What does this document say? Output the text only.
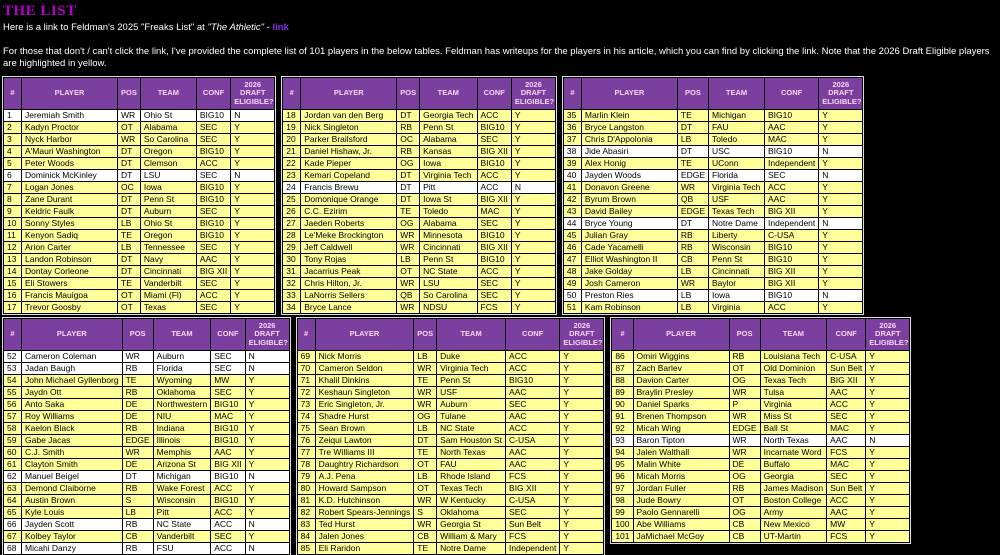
THE LIST

Here is a link to Feldman's 2025 "Freaks List" at "The Athletic" - link

For those that don't / can't click the link, I've provided the complete list of 101 players in the below tables. Feldman has writeups for the players in his article, which you can find by clicking the link. Note that the 2026 Draft Eligible players are highlighted in yellow.

#	PLAYER	POS	TEAM	CONF	2026 DRAFT ELIGIBLE?
1	Jeremiah Smith	WR	Ohio St	BIG10	N
2	Kadyn Proctor	OT	Alabama	SEC	Y
3	Nyck Harbor	WR	So Carolina	SEC	Y
4	A'Mauri Washington	DT	Oregon	BIG10	Y
5	Peter Woods	DT	Clemson	ACC	Y
6	Dominick McKinley	DT	LSU	SEC	N
7	Logan Jones	OC	Iowa	BIG10	Y
8	Zane Durant	DT	Penn St	BIG10	Y
9	Keldric Faulk	DT	Auburn	SEC	Y
10	Sonny Styles	LB	Ohio St	BIG10	Y
11	Kenyon Sadiq	TE	Oregon	BIG10	Y
12	Arion Carter	LB	Tennessee	SEC	Y
13	Landon Robinson	DT	Navy	AAC	Y
14	Dontay Corleone	DT	Cincinnati	BIG XII	Y
15	Eli Stowers	TE	Vanderbilt	SEC	Y
16	Francis Mauigoa	OT	Miami (Fl)	ACC	Y
17	Trevor Goosby	OT	Texas	SEC	Y
#	PLAYER	POS	TEAM	CONF	2026 DRAFT ELIGIBLE?
18	Jordan van den Berg	DT	Georgia Tech	ACC	Y
19	Nick Singleton	RB	Penn St	BIG10	Y
20	Parker Brailsford	OC	Alabama	SEC	Y
21	Daniel Hishaw, Jr.	RB	Kansas	BIG XII	Y
22	Kade Pieper	OG	Iowa	BIG10	Y
23	Kemari Copeland	DT	Virginia Tech	ACC	Y
24	Francis Brewu	DT	Pitt	ACC	N
25	Domonique Orange	DT	Iowa St	BIG XII	Y
26	C.C. Ezirim	TE	Toledo	MAC	Y
27	Jaeden Roberts	OG	Alabama	SEC	Y
28	Le'Meke Brockington	WR	Minnesota	BIG10	Y
29	Jeff Caldwell	WR	Cincinnati	BIG XII	Y
30	Tony Rojas	LB	Penn St	BIG10	Y
31	Jacarrius Peak	OT	NC State	ACC	Y
32	Chris Hilton, Jr.	WR	LSU	SEC	Y
33	LaNorris Sellers	QB	So Carolina	SEC	Y
34	Bryce Lance	WR	NDSU	FCS	Y
#	PLAYER	POS	TEAM	CONF	2026 DRAFT ELIGIBLE?
35	Marlin Klein	TE	Michigan	BIG10	Y
36	Bryce Langston	DT	FAU	AAC	Y
37	Chris D'Appolonia	LB	Toledo	MAC	Y
38	Jide Abasiri	DT	USC	BIG10	N
39	Alex Honig	TE	UConn	Independent	Y
40	Jayden Woods	EDGE	Florida	SEC	N
41	Donavon Greene	WR	Virginia Tech	ACC	Y
42	Byrum Brown	QB	USF	AAC	Y
43	David Bailey	EDGE	Texas Tech	BIG XII	Y
44	Bryce Young	DT	Notre Dame	Independent	N
45	Julian Gray	RB	Liberty	C-USA	Y
46	Cade Yacamelli	RB	Wisconsin	BIG10	Y
47	Elliot Washington II	CB	Penn St	BIG10	Y
48	Jake Golday	LB	Cincinnati	BIG XII	Y
49	Josh Cameron	WR	Baylor	BIG XII	Y
50	Preston Ries	LB	Iowa	BIG10	N
51	Kam Robinson	LB	Virginia	ACC	Y
#	PLAYER	POS	TEAM	CONF	2026 DRAFT ELIGIBLE?
52	Cameron Coleman	WR	Auburn	SEC	N
53	Jadan Baugh	RB	Florida	SEC	N
54	John Michael Gyllenborg	TE	Wyoming	MW	Y
55	Jaydn Ott	RB	Oklahoma	SEC	Y
56	Anto Saka	DE	Northwestern	BIG10	Y
57	Roy Williams	DE	NIU	MAC	Y
58	Kaelon Black	RB	Indiana	BIG10	Y
59	Gabe Jacas	EDGE	Illinois	BIG10	Y
60	C.J. Smith	WR	Memphis	AAC	Y
61	Clayton Smith	DE	Arizona St	BIG XII	Y
62	Manuel Beigel	DT	Michigan	BIG10	N
63	Demond Claiborne	RB	Wake Forest	ACC	Y
64	Austin Brown	S	Wisconsin	BIG10	Y
65	Kyle Louis	LB	Pitt	ACC	Y
66	Jayden Scott	RB	NC State	ACC	N
67	Kolbey Taylor	CB	Vanderbilt	SEC	Y
68	Micahi Danzy	RB	FSU	ACC	N
#	PLAYER	POS	TEAM	CONF	2026 DRAFT ELIGIBLE?
69	Nick Morris	LB	Duke	ACC	Y
70	Cameron Seldon	WR	Virginia Tech	ACC	Y
71	Khalil Dinkins	TE	Penn St	BIG10	Y
72	Keshaun Singleton	WR	USF	AAC	Y
73	Eric Singleton, Jr.	WR	Auburn	SEC	Y
74	Shadre Hurst	OG	Tulane	AAC	Y
75	Sean Brown	LB	NC State	ACC	Y
76	Zeiqui Lawton	DT	Sam Houston St	C-USA	Y
77	Tre Williams III	TE	North Texas	AAC	Y
78	Daughtry Richardson	OT	FAU	AAC	Y
79	A.J. Pena	LB	Rhode Island	FCS	Y
80	Howard Sampson	OT	Texas Tech	BIG XII	Y
81	K.D. Hutchinson	WR	W Kentucky	C-USA	Y
82	Robert Spears-Jennings	S	Oklahoma	SEC	Y
83	Ted Hurst	WR	Georgia St	Sun Belt	Y
84	Jalen Jones	CB	William & Mary	FCS	Y
85	Eli Raridon	TE	Notre Dame	Independent	Y
#	PLAYER	POS	TEAM	CONF	2026 DRAFT ELIGIBLE?
86	Omiri Wiggins	RB	Louisiana Tech	C-USA	Y
87	Zach Barlev	OT	Old Dominion	Sun Belt	Y
88	Davion Carter	OG	Texas Tech	BIG XII	Y
89	Braylin Presley	WR	Tulsa	AAC	Y
90	Daniel Sparks	P	Virginia	ACC	Y
91	Brenen Thompson	WR	Miss St	SEC	Y
92	Micah Wing	EDGE	Ball St	MAC	Y
93	Baron Tipton	WR	North Texas	AAC	N
94	Jalen Walthall	WR	Incarnate Word	FCS	Y
95	Malin White	DE	Buffalo	MAC	Y
96	Micah Morris	OG	Georgia	SEC	Y
97	Jordan Fuller	RB	James Madison	Sun Belt	Y
98	Jude Bowry	OT	Boston College	ACC	Y
99	Paolo Gennarelli	OG	Army	AAC	Y
100	Abe Williams	CB	New Mexico	MW	Y
101	JaMichael McGoy	CB	UT-Martin	FCS	Y
